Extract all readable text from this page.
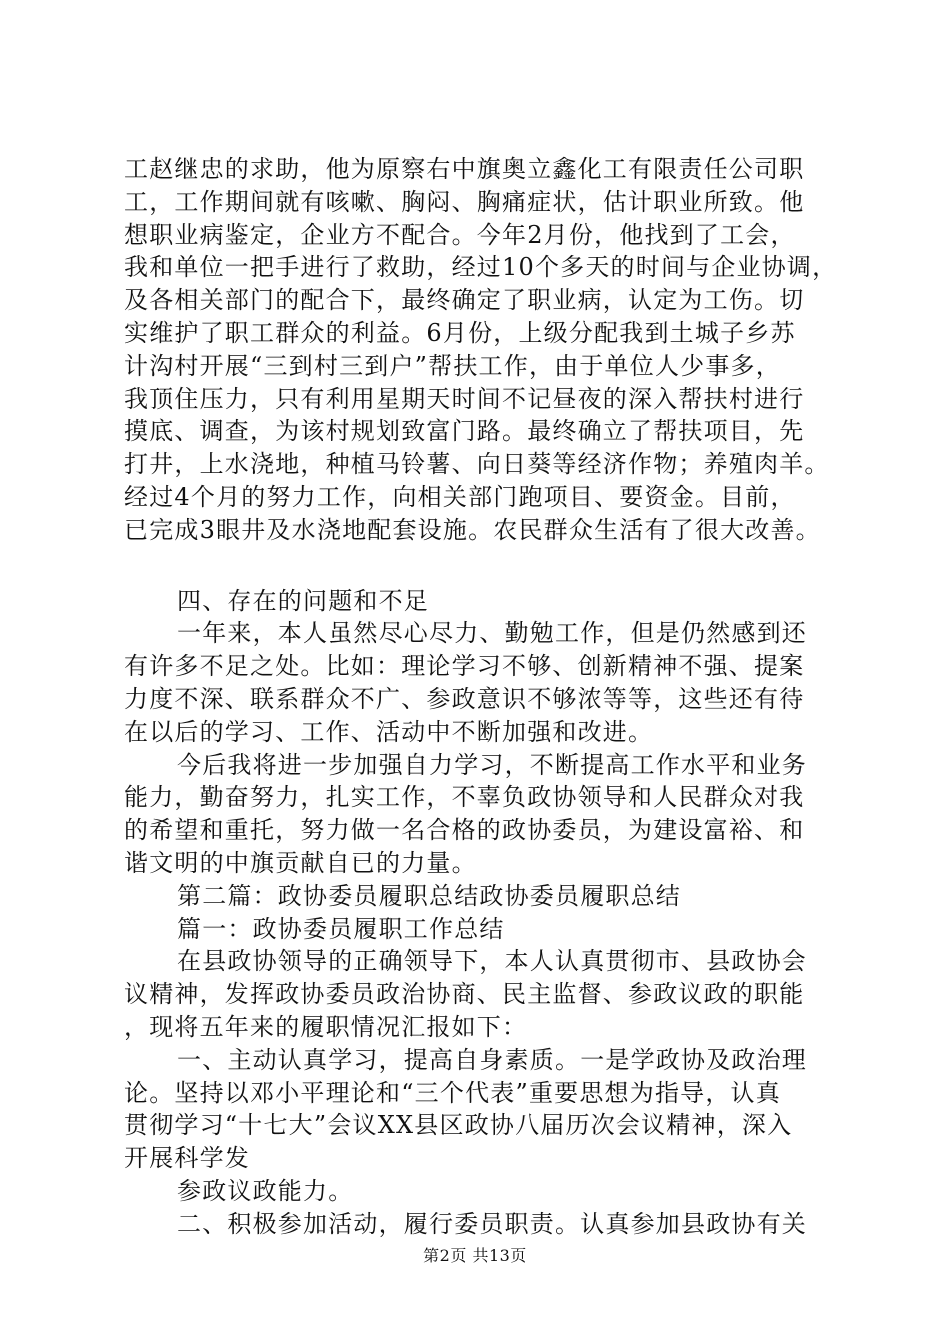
工赵继忠的求助，他为原察右中旗奥立鑫化工有限责任公司职
工，工作期间就有咳嗽、胸闷、胸痛症状，估计职业所致。他
想职业病鉴定，企业方不配合。今年2月份，他找到了工会，
我和单位一把手进行了救助，经过10个多天的时间与企业协调，
及各相关部门的配合下，最终确定了职业病，认定为工伤。切
实维护了职工群众的利益。6月份，上级分配我到土城子乡苏
计沟村开展“三到村三到户”帮扶工作，由于单位人少事多，
我顶住压力，只有利用星期天时间不记昼夜的深入帮扶村进行
摸底、调查，为该村规划致富门路。最终确立了帮扶项目，先
打井，上水浇地，种植马铃薯、向日葵等经济作物；养殖肉羊。
经过4个月的努力工作，向相关部门跑项目、要资金。目前，
已完成3眼井及水浇地配套设施。农民群众生活有了很大改善。
四、存在的问题和不足
一年来，本人虽然尽心尽力、勤勉工作，但是仍然感到还
有许多不足之处。比如：理论学习不够、创新精神不强、提案
力度不深、联系群众不广、参政意识不够浓等等，这些还有待
在以后的学习、工作、活动中不断加强和改进。
今后我将进一步加强自力学习，不断提高工作水平和业务
能力，勤奋努力，扎实工作，不辜负政协领导和人民群众对我
的希望和重托，努力做一名合格的政协委员，为建设富裕、和
谐文明的中旗贡献自已的力量。
第二篇：政协委员履职总结政协委员履职总结
篇一：政协委员履职工作总结
在县政协领导的正确领导下，本人认真贯彻市、县政协会
议精神，发挥政协委员政治协商、民主监督、参政议政的职能
，现将五年来的履职情况汇报如下：
一、主动认真学习，提高自身素质。一是学政协及政治理
论。坚持以邓小平理论和“三个代表”重要思想为指导，认真
贯彻学习“十七大”会议XX县区政协八届历次会议精神，深入
开展科学发
参政议政能力。
二、积极参加活动，履行委员职责。认真参加县政协有关
第2页 共13页
